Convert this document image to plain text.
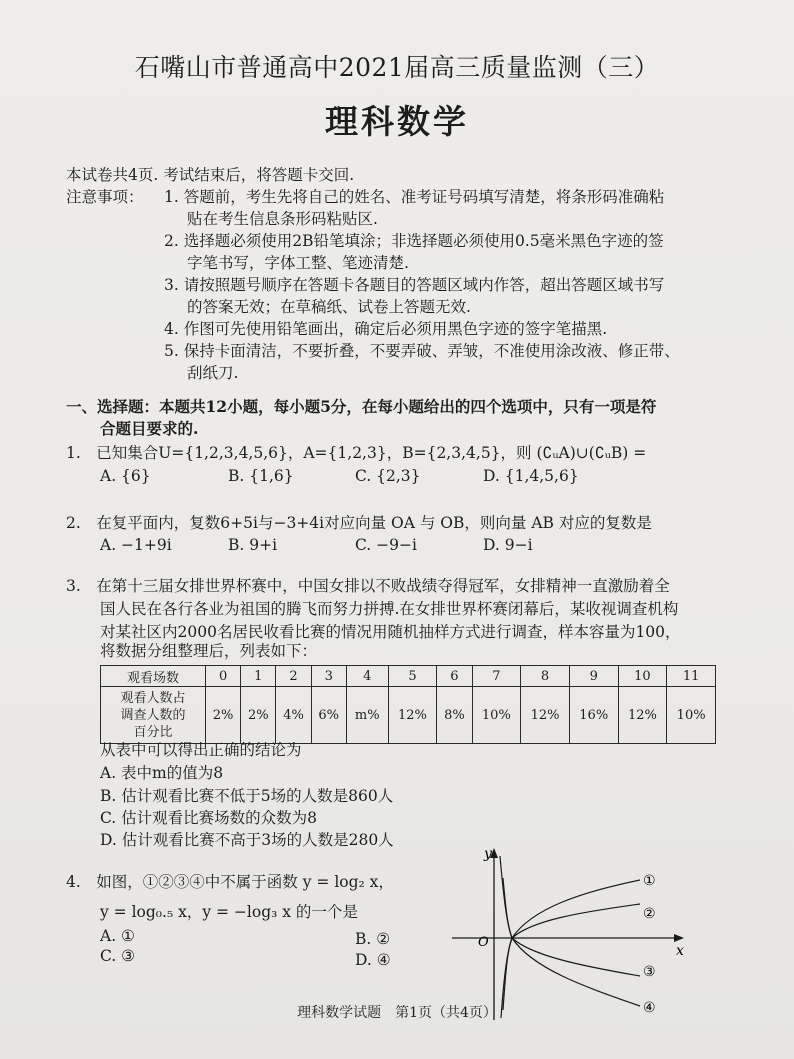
石嘴山市普通高中2021届高三质量监测（三）
理科数学
本试卷共4页. 考试结束后，将答题卡交回.
注意事项： 1. 答题前，考生先将自己的姓名、准考证号码填写清楚，将条形码准确粘
贴在考生信息条形码粘贴区.
2. 选择题必须使用2B铅笔填涂；非选择题必须使用0.5毫米黑色字迹的签
字笔书写，字体工整、笔迹清楚.
3. 请按照题号顺序在答题卡各题目的答题区域内作答，超出答题区域书写
的答案无效；在草稿纸、试卷上答题无效.
4. 作图可先使用铅笔画出，确定后必须用黑色字迹的签字笔描黑.
5. 保持卡面清洁，不要折叠，不要弄破、弄皱，不准使用涂改液、修正带、
刮纸刀.
一、选择题：本题共12小题，每小题5分，在每小题给出的四个选项中，只有一项是符
合题目要求的.
1.　已知集合U={1,2,3,4,5,6}，A={1,2,3}，B={2,3,4,5}，则 (∁ᵤA)∪(∁ᵤB) =
A. {6}	B. {1,6}	C. {2,3}	D. {1,4,5,6}
2.　在复平面内，复数6+5i与−3+4i对应向量 OA 与 OB，则向量 AB 对应的复数是
A. −1+9i	B. 9+i	C. −9−i	D. 9−i
3.　在第十三届女排世界杯赛中，中国女排以不败战绩夺得冠军，女排精神一直激励着全
国人民在各行各业为祖国的腾飞而努力拼搏.在女排世界杯赛闭幕后，某收视调查机构
对某社区内2000名居民收看比赛的情况用随机抽样方式进行调查，样本容量为100，
将数据分组整理后，列表如下：
观看场数	0	1	2	3	4	5	6	7	8	9	10	11

观看人数占
调查人数的
百分比	2%	2%	4%	6%	m%	12%	8%	10%	12%	16%	12%	10%
从表中可以得出正确的结论为
A. 表中m的值为8
B. 估计观看比赛不低于5场的人数是860人
C. 估计观看比赛场数的众数为8
D. 估计观看比赛不高于3场的人数是280人
4.　如图，①②③④中不属于函数 y = log₂ x，
y = log₀.₅ x，y = −log₃ x 的一个是
A. ①	B. ②
C. ③	D. ④
y
x
O
①
②
③
④
理科数学试题　第1页（共4页）
